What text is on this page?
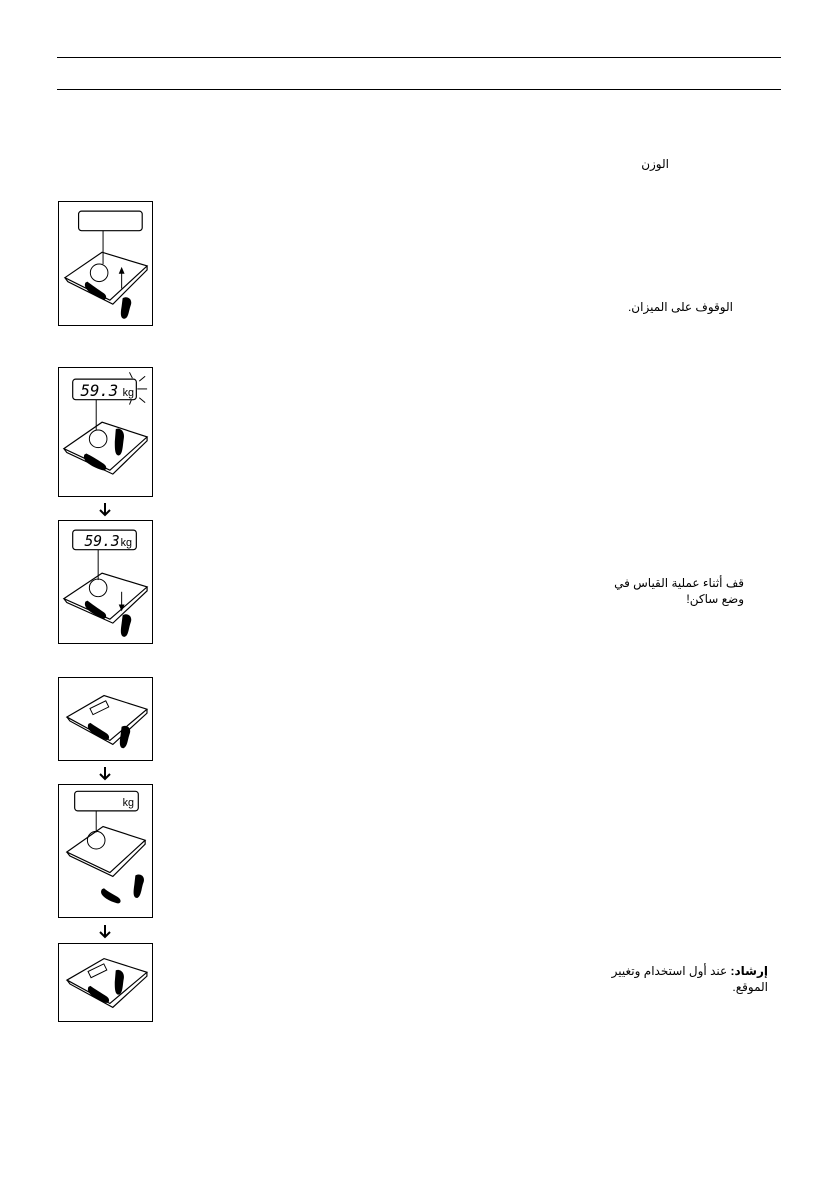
الوزن
الوقوف على الميزان.
قف أثناء عملية القياس في
وضع ساكن!
إرشاد: عند أول استخدام وتغيير
الموقع.
59.3 kg
59.3 kg
kg
